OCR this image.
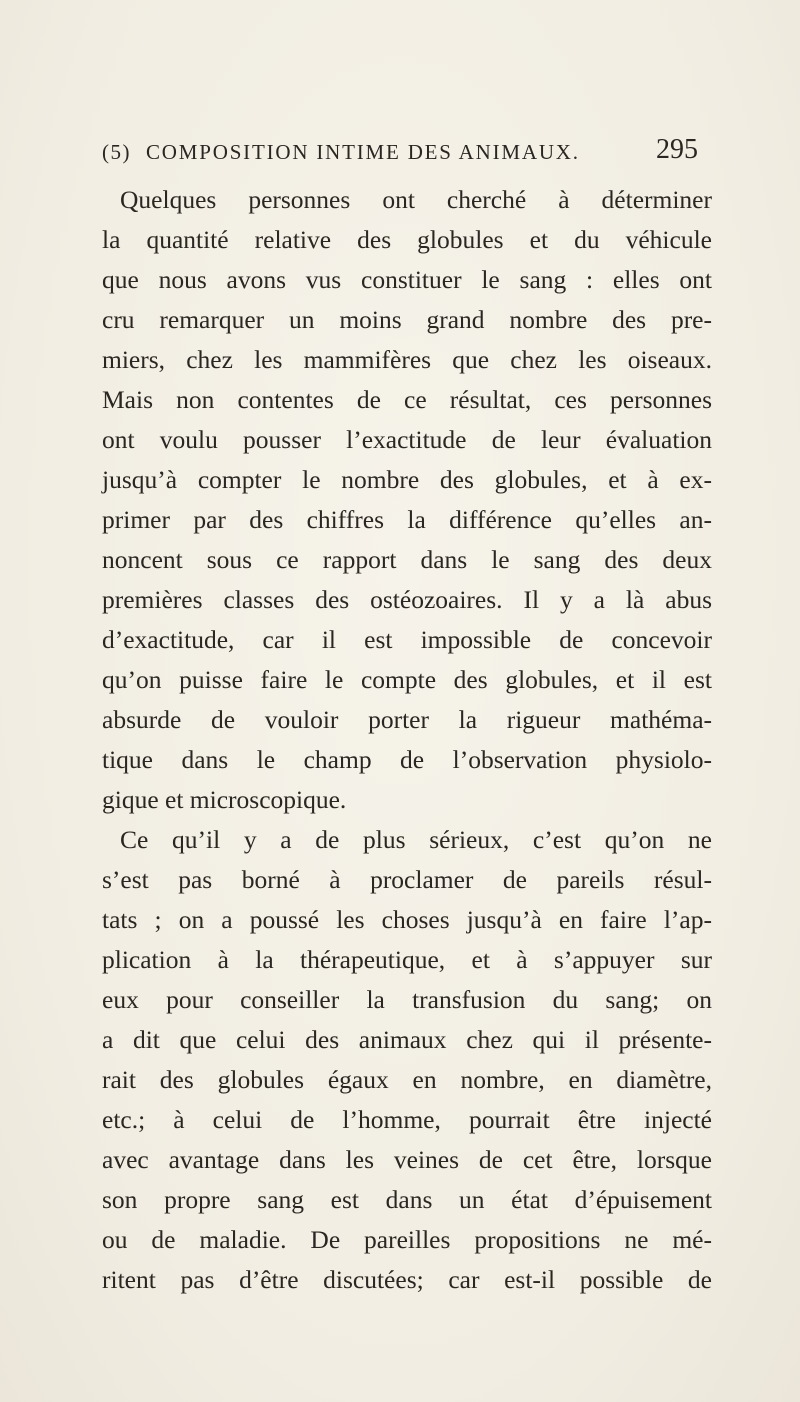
(5) COMPOSITION INTIME DES ANIMAUX.	295
Quelques personnes ont cherché à déterminer
la quantité relative des globules et du véhicule
que nous avons vus constituer le sang : elles ont
cru remarquer un moins grand nombre des pre-
miers, chez les mammifères que chez les oiseaux.
Mais non contentes de ce résultat, ces personnes
ont voulu pousser l’exactitude de leur évaluation
jusqu’à compter le nombre des globules, et à ex-
primer par des chiffres la différence qu’elles an-
noncent sous ce rapport dans le sang des deux
premières classes des ostéozoaires. Il y a là abus
d’exactitude, car il est impossible de concevoir
qu’on puisse faire le compte des globules, et il est
absurde de vouloir porter la rigueur mathéma-
tique dans le champ de l’observation physiolo-
gique et microscopique.
Ce qu’il y a de plus sérieux, c’est qu’on ne
s’est pas borné à proclamer de pareils résul-
tats ; on a poussé les choses jusqu’à en faire l’ap-
plication à la thérapeutique, et à s’appuyer sur
eux pour conseiller la transfusion du sang; on
a dit que celui des animaux chez qui il présente-
rait des globules égaux en nombre, en diamètre,
etc.; à celui de l’homme, pourrait être injecté
avec avantage dans les veines de cet être, lorsque
son propre sang est dans un état d’épuisement
ou de maladie. De pareilles propositions ne mé-
ritent pas d’être discutées; car est-il possible de
